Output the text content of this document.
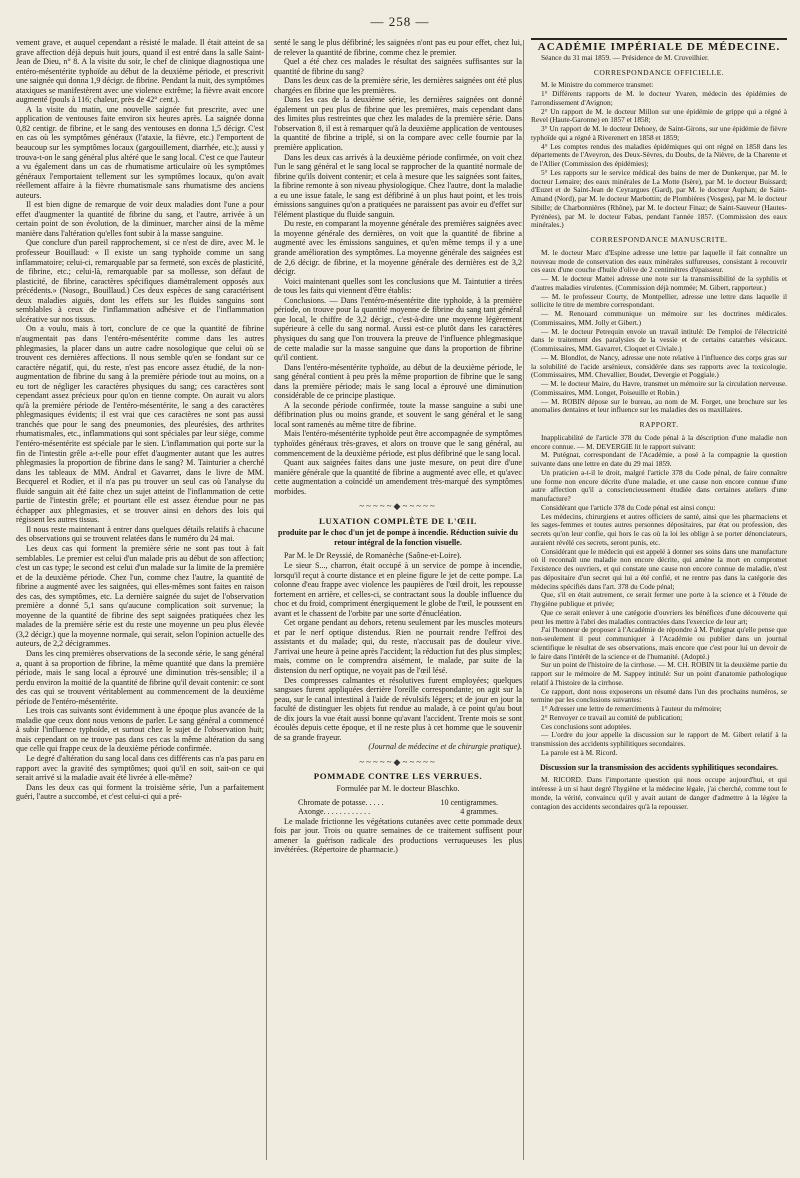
— 258 —

vement grave, et auquel cependant a résisté le malade. Il était atteint de sa grave affection déjà depuis huit jours, quand il est entré dans la salle Saint-Jean de Dieu, n° 8. A la visite du soir, le chef de clinique diagnostiqua une entéro-mésentérite typhoïde au début de la deuxième période, et prescrivit une saignée qui donna 1,9 décigr. de fibrine. Pendant la nuit, des symptômes ataxiques se manifestèrent avec une violence extrême; la fièvre avait encore augmenté (pouls à 116; chaleur, près de 42° cent.).

A la visite du matin, une nouvelle saignée fut prescrite, avec une application de ventouses faite environ six heures après. La saignée donna 0,82 centigr. de fibrine, et le sang des ventouses en donna 1,5 décigr. C'est en cas où les symptômes généraux (l'ataxie, la fièvre, etc.) l'emportent de beaucoup sur les symptômes locaux (gargouillement, diarrhée, etc.); aussi y trouva-t-on le sang général plus altéré que le sang local. C'est ce que l'auteur a vu également dans un cas de rhumatisme articulaire où les symptômes généraux l'emportaient tellement sur les symptômes locaux, qu'on avait réellement affaire à la fièvre rhumatismale sans rhumatisme des anciens auteurs.

Il est bien digne de remarque de voir deux maladies dont l'une a pour effet d'augmenter la quantité de fibrine du sang, et l'autre, arrivée à un certain point de son évolution, de la diminuer, marcher ainsi de la même manière dans l'altération qu'elles font subir à la masse sanguine.

Que conclure d'un pareil rapprochement, si ce n'est de dire, avec M. le professeur Bouillaud: « Il existe un sang typhoïde comme un sang inflammatoire; celui-ci, remarquable par sa fermeté, son excès de plasticité, de fibrine, etc.; celui-là, remarquable par sa mollesse, son défaut de plasticité, de fibrine, caractères spécifiques diamétralement opposés aux précédents.» (Nosogr., Bouillaud.) Ces deux espèces de sang caractérisent deux maladies aiguës, dont les effets sur les fluides sanguins sont semblables à ceux de l'inflammation adhésive et de l'inflammation ulcérative sur nos tissus.

On a voulu, mais à tort, conclure de ce que la quantité de fibrine n'augmentait pas dans l'entéro-mésentérite comme dans les autres phlegmasies, la placer dans un autre cadre nosologique que celui où se trouvent ces dernières affections. Il nous semble qu'en se fondant sur ce caractère négatif, qui, du reste, n'est pas encore assez étudié, de la non-augmentation de fibrine du sang à la première période tout au moins, on a eu tort de négliger les caractères physiques du sang; ces caractères sont cependant assez précieux pour qu'on en tienne compte. On aurait vu alors qu'à la première période de l'entéro-mésentérite, le sang a des caractères phlegmasiques évidents; il est vrai que ces caractères ne sont pas aussi tranchés que pour le sang des pneumonies, des pleurésies, des arthrites rhumatismales, etc., inflammations qui sont spéciales par leur siége, comme l'entéro-mésentérite est spéciale par le sien. L'inflammation qui porte sur la fin de l'intestin grêle a-t-elle pour effet d'augmenter autant que les autres phlegmasies la proportion de fibrine dans le sang? M. Tainturier a cherché dans les tableaux de MM. Andral et Gavarret, dans le livre de MM. Becquerel et Rodier, et il n'a pas pu trouver un seul cas où l'analyse du fluide sanguin ait été faite chez un sujet atteint de l'inflammation de cette partie de l'intestin grêle; et pourtant elle est assez étendue pour ne pas échapper aux phlegmasies, et se trouver ainsi en dehors des lois qui régissent les autres tissus.

Il nous reste maintenant à entrer dans quelques détails relatifs à chacune des observations qui se trouvent relatées dans le numéro du 24 mai.

Les deux cas qui forment la première série ne sont pas tout à fait semblables. Le premier est celui d'un malade pris au début de son affection; c'est un cas type; le second est celui d'un malade sur la limite de la première et de la deuxième période. Chez l'un, comme chez l'autre, la quantité de fibrine a augmenté avec les saignées, qui elles-mêmes sont faites en raison des cas, des symptômes, etc. La dernière saignée du sujet de l'observation première a donné 5,1 sans qu'aucune complication soit survenue; la moyenne de la quantité de fibrine des sept saignées pratiquées chez les malades de la première série est du reste une moyenne un peu plus élevée (3,2 décigr.) que la moyenne normale, qui serait, selon l'opinion actuelle des auteurs, de 2,2 décigrammes.

Dans les cinq premières observations de la seconde série, le sang général a, quant à sa proportion de fibrine, la même quantité que dans la première période, mais le sang local a éprouvé une diminution très-sensible; il a perdu environ la moitié de la quantité de fibrine qu'il devait contenir: ce sont des cas qui se trouvent véritablement au commencement de la deuxième période de l'entéro-mésentérite.

Les trois cas suivants sont évidemment à une époque plus avancée de la maladie que ceux dont nous venons de parler. Le sang général a commencé à subir l'influence typhoïde, et surtout chez le sujet de l'observation huit; mais cependant on ne trouve pas dans ces cas la même altération du sang que celle qui frappe ceux de la deuxième période confirmée.

Le degré d'altération du sang local dans ces différents cas n'a pas paru en rapport avec la gravité des symptômes; quoi qu'il en soit, sait-on ce qui serait arrivé si la maladie avait été livrée à elle-même?

Dans les deux cas qui forment la troisième série, l'un a parfaitement guéri, l'autre a succombé, et c'est celui-ci qui a pré-

senté le sang le plus défibriné; les saignées n'ont pas eu pour effet, chez lui, de relever la quantité de fibrine, comme chez le premier.

Quel a été chez ces malades le résultat des saignées suffisantes sur la quantité de fibrine du sang?

Dans les deux cas de la première série, les dernières saignées ont été plus chargées en fibrine que les premières.

Dans les cas de la deuxième série, les dernières saignées ont donné également un peu plus de fibrine que les premières, mais cependant dans des limites plus restreintes que chez les malades de la première série. Dans l'observation 8, il est à remarquer qu'à la deuxième application de ventouses la quantité de fibrine a triplé, si on la compare avec celle fournie par la première application.

Dans les deux cas arrivés à la deuxième période confirmée, on voit chez l'un le sang général et le sang local se rapprocher de la quantité normale de fibrine qu'ils doivent contenir; et cela à mesure que les saignées sont faites, la fibrine remonte à son niveau physiologique. Chez l'autre, dont la maladie a eu une issue fatale, le sang est défibriné à un plus haut point, et les trois émissions sanguines qu'on a pratiquées ne paraissent pas avoir eu d'effet sur l'élément plastique du fluide sanguin.

Du reste, en comparant la moyenne générale des premières saignées avec la moyenne générale des dernières, on voit que la quantité de fibrine a augmenté avec les émissions sanguines, et qu'en même temps il y a une grande amélioration des symptômes. La moyenne générale des saignées est de 2,6 décigr. de fibrine, et la moyenne générale des dernières est de 3,2 décigr.

Voici maintenant quelles sont les conclusions que M. Taintutier a tirées de tous les faits qui viennent d'être établis:

Conclusions. — Dans l'entéro-mésentérite dite typhoïde, à la première période, on trouve pour la quantité moyenne de fibrine du sang tant général que local, le chiffre de 3,2 décigr., c'est-à-dire une moyenne légèrement supérieure à celle du sang normal. Aussi est-ce plutôt dans les caractères physiques du sang que l'on trouvera la preuve de l'influence phlegmasique de cette maladie sur la masse sanguine que dans la proportion de fibrine qu'il contient.

Dans l'entéro-mésentérite typhoïde, au début de la deuxième période, le sang général contient à peu près la même proportion de fibrine que le sang dans la première période; mais le sang local a éprouvé une diminution considérable de ce principe plastique.

A la seconde période confirmée, toute la masse sanguine a subi une défibrination plus ou moins grande, et souvent le sang général et le sang local sont ramenés au même titre de fibrine.

Mais l'entéro-mésentérite typhoïde peut être accompagnée de symptômes typhoïdes généraux très-graves, et alors on trouve que le sang général, au commencement de la deuxième période, est plus défibriné que le sang local.

Quant aux saignées faites dans une juste mesure, on peut dire d'une manière générale que la quantité de fibrine a augmenté avec elle, et qu'avec cette augmentation a coïncidé un amendement très-marqué des symptômes morbides.

~~~~~◆~~~~~
LUXATION COMPLÈTE DE L'ŒIL
produite par le choc d'un jet de pompe à incendie. Réduction suivie du retour intégral de la fonction visuelle.

Par M. le Dr Reyssié, de Romanèche (Saône-et-Loire).

Le sieur S..., charron, était occupé à un service de pompe à incendie, lorsqu'il reçut à courte distance et en pleine figure le jet de cette pompe. La colonne d'eau frappe avec violence les paupières de l'œil droit, les repousse fortement en arrière, et celles-ci, se contractant sous la double influence du choc et du froid, compriment énergiquement le globe de l'œil, le poussent en avant et le chassent de l'orbite par une sorte d'énucléation.

Cet organe pendant au dehors, retenu seulement par les muscles moteurs et par le nerf optique distendus. Rien ne pourrait rendre l'effroi des assistants et du malade; qui, du reste, n'accusait pas de douleur vive. J'arrivai une heure à peine après l'accident; la réduction fut des plus simples; mais, comme on le comprendra aisément, le malade, par suite de la distension du nerf optique, ne voyait pas de l'œil lésé.

Des compresses calmantes et résolutives furent employées; quelques sangsues furent appliquées derrière l'oreille correspondante; on agit sur la peau, sur le canal intestinal à l'aide de révulsifs légers; et de jour en jour la faculté de distinguer les objets fut rendue au malade, à ce point qu'au bout de dix jours la vue était aussi bonne qu'avant l'accident. Trente mois se sont écoulés depuis cette époque, et il ne reste plus à cet homme que le souvenir de sa grande frayeur.

(Journal de médecine et de chirurgie pratique).

~~~~~◆~~~~~
POMMADE CONTRE LES VERRUES.
Formulée par M. le docteur Blaschko.
Chromate de potasse. . . . .	10 centigrammes.
Axonge. . . . . . . . . . . .	4 grammes.

Le malade frictionne les végétations cutanées avec cette pommade deux fois par jour. Trois ou quatre semaines de ce traitement suffisent pour amener la guérison radicale des productions verruqueuses les plus invétérées. (Répertoire de pharmacie.)

ACADÉMIE IMPÉRIALE DE MÉDECINE.

Séance du 31 mai 1859. — Présidence de M. Cruveilhier.

CORRESPONDANCE OFFICIELLE.

M. le Ministre du commerce transmet:

1° Différents rapports de M. le docteur Yvaren, médecin des épidémies de l'arrondissement d'Avignon;

2° Un rapport de M. le docteur Millon sur une épidémie de grippe qui a régné à Revel (Haute-Garonne) en 1857 et 1858;

3° Un rapport de M. le docteur Dehoey, de Saint-Girons, sur une épidémie de fièvre typhoïde qui a régné à Riverenert en 1858 et 1859;

4° Les comptes rendus des maladies épidémiques qui ont régné en 1858 dans les départements de l'Aveyron, des Deux-Sèvres, du Doubs, de la Nièvre, de la Charente et de l'Allier (Commission des épidémies);

5° Les rapports sur le service médical des bains de mer de Dunkerque, par M. le docteur Lemaire; des eaux minérales de La Motte (Isère), par M. le docteur Buissard; d'Euzet et de Saint-Jean de Ceyrargues (Gard), par M. le docteur Auphan; de Saint-Amand (Nord), par M. le docteur Marbottin; de Plombières (Vosges), par M. le docteur Sibille; de Charbonnières (Rhône), par M. le docteur Finaz; de Saint-Sauveur (Hautes-Pyrénées), par M. le docteur Fabas, pendant l'année 1857. (Commission des eaux minérales.)

CORRESPONDANCE MANUSCRITE.

M. le docteur Marc d'Espine adresse une lettre par laquelle il fait connaître un nouveau mode de conservation des eaux minérales sulfureuses, consistant à recouvrir ces eaux d'une couche d'huile d'olive de 2 centimètres d'épaisseur.

— M. le docteur Mattei adresse une note sur la transmissibilité de la syphilis et d'autres maladies virulentes. (Commission déjà nommée; M. Gibert, rapporteur.)

— M. le professeur Courty, de Montpellier, adresse une lettre dans laquelle il sollicite le titre de membre correspondant.

— M. Renouard communique un mémoire sur les doctrines médicales. (Commissaires, MM. Jolly et Gibert.)

— M. le docteur Petrequin envoie un travail intitulé: De l'emploi de l'électricité dans le traitement des paralysies de la vessie et de certains catarrhes vésicaux. (Commissaires, MM. Gavarret, Cloquet et Civiale.)

— M. Blondlot, de Nancy, adresse une note relative à l'influence des corps gras sur la solubilité de l'acide arsénieux, considérée dans ses rapports avec la toxicologie. (Commissaires, MM. Chevallier, Boudet, Devergie et Poggiale.)

— M. le docteur Maire, du Havre, transmet un mémoire sur la circulation nerveuse. (Commissaires, MM. Longet, Poiseuille et Robin.)

— M. ROBIN dépose sur le bureau, au nom de M. Forget, une brochure sur les anomalies dentaires et leur influence sur les maladies des os maxillaires.

RAPPORT.

Inapplicabilité de l'article 378 du Code pénal à la déscription d'une maladie non encore connue. — M. DEVERGIE lit le rapport suivant:

M. Putégnat, correspondant de l'Académie, a posé à la compagnie la question suivante dans une lettre en date du 29 mai 1859.

Un praticien a-t-il le droit, malgré l'article 378 du Code pénal, de faire connaître une forme non encore décrite d'une maladie, et une cause non encore connue d'une autre affection qu'il a consciencieusement étudiée dans certaines ateliers d'une manufacture?

Considérant que l'article 378 du Code pénal est ainsi conçu:

Les médecins, chirurgiens et autres officiers de santé, ainsi que les pharmaciens et les sages-femmes et toutes autres personnes dépositaires, par état ou profession, des secrets qu'on leur confie, qui hors le cas où la loi les oblige à se porter dénonciateurs, auraient révélé ces secrets, seront punis, etc.

Considérant que le médecin qui est appelé à donner ses soins dans une manufacture où il reconnaît une maladie non encore décrite, qui amène la mort en compromet l'existence des ouvriers, et qui constate une cause non encore connue de maladie, n'est pas dépositaire d'un secret qui lui a été confié, et ne rentre pas dans la catégorie des médecins spécifiés dans l'art. 378 du Code pénal;

Que, s'il en était autrement, ce serait fermer une porte à la science et à l'étude de l'hygiène publique et privée;

Que ce serait enlever à une catégorie d'ouvriers les bénéfices d'une découverte qui peut les mettre à l'abri des maladies contractées dans l'exercice de leur art;

J'ai l'honneur de proposer à l'Académie de répondre à M. Putégnat qu'elle pense que non-seulement il peut communiquer à l'Académie ou publier dans un journal scientifique le résultat de ses observations, mais encore que c'est pour lui un devoir de le faire dans l'intérêt de la science et de l'humanité. (Adopté.)

Sur un point de l'histoire de la cirrhose. — M. CH. ROBIN lit la deuxième partie du rapport sur le mémoire de M. Sappey intitulé: Sur un point d'anatomie pathologique relatif à l'histoire de la cirrhose.

Ce rapport, dont nous exposerons un résumé dans l'un des prochains numéros, se termine par les conclusions suivantes:

1° Adresser une lettre de remerciments à l'auteur du mémoire;

2° Renvoyer ce travail au comité de publication;

Ces conclusions sont adoptées.

— L'ordre du jour appelle la discussion sur le rapport de M. Gibert relatif à la transmission des accidents syphilitiques secondaires.

La parole est à M. Ricord.

Discussion sur la transmission des accidents syphilitiques secondaires.

M. RICORD. Dans l'importante question qui nous occupe aujourd'hui, et qui intéresse à un si haut degré l'hygiène et la médecine légale, j'ai cherché, comme tout le monde, la vérité, convaincu qu'il y avait autant de danger d'admettre à la légère la contagion des accidents secondaires qu'à la repousser.
